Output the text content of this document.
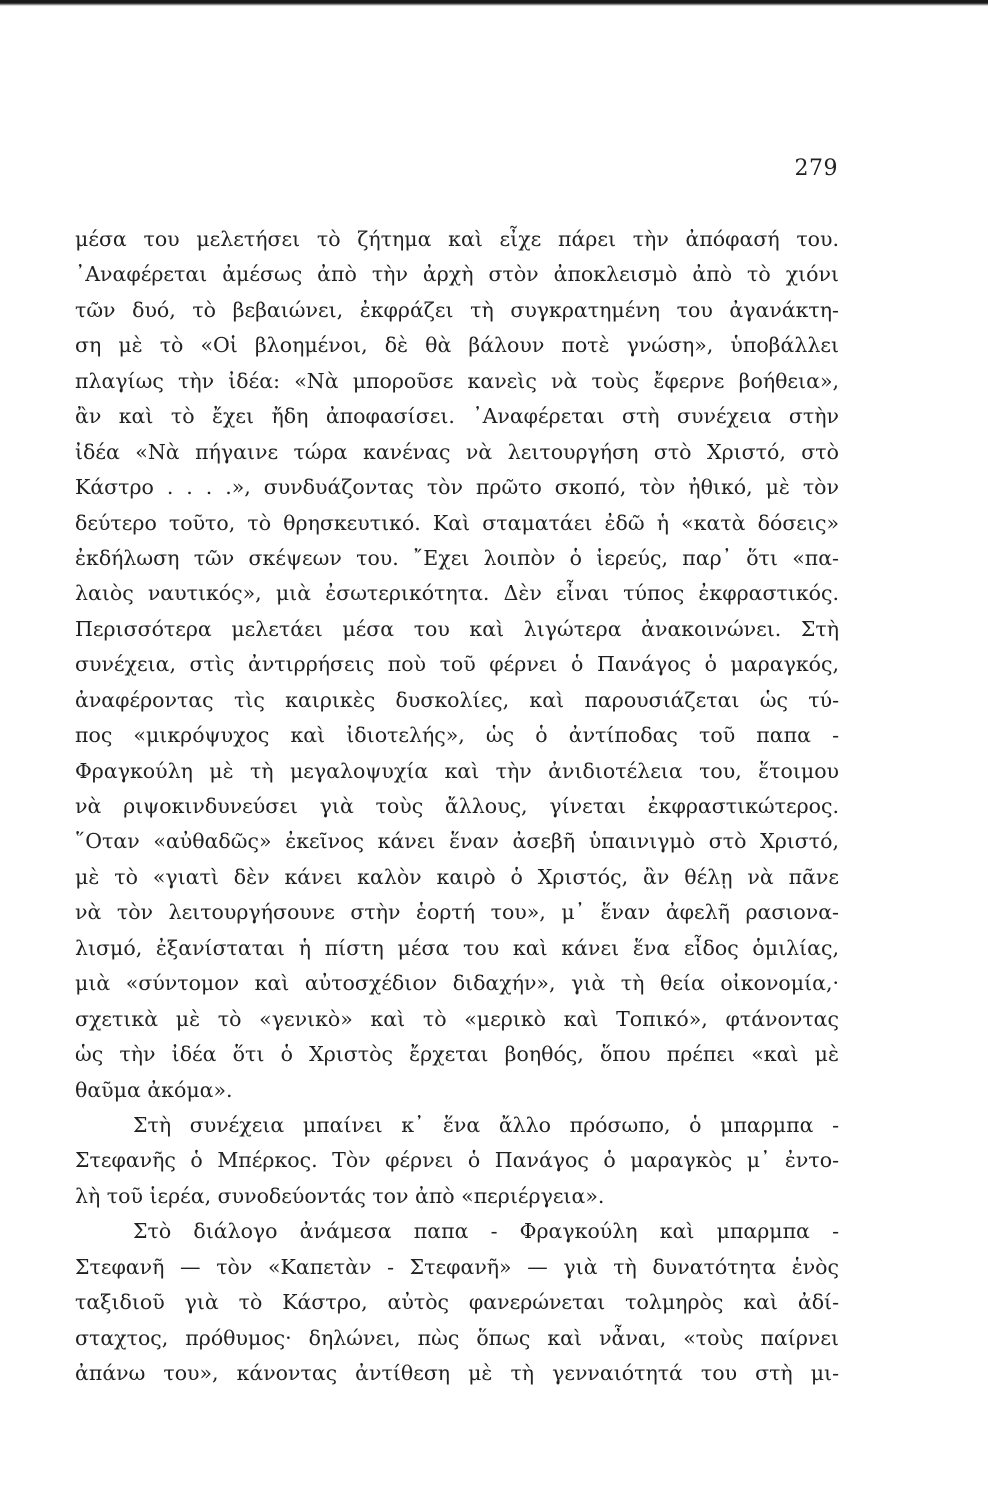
279
μέσα του μελετήσει τὸ ζήτημα καὶ εἶχε πάρει τὴν ἀπόφασή του.
᾿Αναφέρεται ἀμέσως ἀπὸ τὴν ἀρχὴ στὸν ἀποκλεισμὸ ἀπὸ τὸ χιόνι
τῶν δυό, τὸ βεβαιώνει, ἐκφράζει τὴ συγκρατημένη του ἀγανάκτη-
ση μὲ τὸ «Οἱ βλοημένοι, δὲ θὰ βάλουν ποτὲ γνώση», ὑποβάλλει
πλαγίως τὴν ἰδέα: «Νὰ μποροῦσε κανεὶς νὰ τοὺς ἔφερνε βοήθεια»,
ἂν καὶ τὸ ἔχει ἤδη ἀποφασίσει. ᾿Αναφέρεται στὴ συνέχεια στὴν
ἰδέα «Νὰ πήγαινε τώρα κανένας νὰ λειτουργήση στὸ Χριστό, στὸ
Κάστρο . . . .», συνδυάζοντας τὸν πρῶτο σκοπό, τὸν ἠθικό, μὲ τὸν
δεύτερο τοῦτο, τὸ θρησκευτικό. Καὶ σταματάει ἐδῶ ἡ «κατὰ δόσεις»
ἐκδήλωση τῶν σκέψεων του. ῎Εχει λοιπὸν ὁ ἱερεύς, παρ᾿ ὅτι «πα-
λαιὸς ναυτικός», μιὰ ἐσωτερικότητα. Δὲν εἶναι τύπος ἐκφραστικός.
Περισσότερα μελετάει μέσα του καὶ λιγώτερα ἀνακοινώνει. Στὴ
συνέχεια, στὶς ἀντιρρήσεις ποὺ τοῦ φέρνει ὁ Πανάγος ὁ μαραγκός,
ἀναφέροντας τὶς καιρικὲς δυσκολίες, καὶ παρουσιάζεται ὡς τύ-
πος «μικρόψυχος καὶ ἰδιοτελής», ὡς ὁ ἀντίποδας τοῦ παπα -
Φραγκούλη μὲ τὴ μεγαλοψυχία καὶ τὴν ἀνιδιοτέλεια του, ἕτοιμου
νὰ ριψοκινδυνεύσει γιὰ τοὺς ἄλλους, γίνεται ἐκφραστικώτερος.
῞Οταν «αὐθαδῶς» ἐκεῖνος κάνει ἕναν ἀσεβῆ ὑπαινιγμὸ στὸ Χριστό,
μὲ τὸ «γιατὶ δὲν κάνει καλὸν καιρὸ ὁ Χριστός, ἂν θέλῃ νὰ πᾶνε
νὰ τὸν λειτουργήσουνε στὴν ἑορτή του», μ᾿ ἕναν ἀφελῆ ρασιονα-
λισμό, ἐξανίσταται ἡ πίστη μέσα του καὶ κάνει ἕνα εἶδος ὁμιλίας,
μιὰ «σύντομον καὶ αὐτοσχέδιον διδαχήν», γιὰ τὴ θεία οἰκονομία,·
σχετικὰ μὲ τὸ «γενικὸ» καὶ τὸ «μερικὸ καὶ Τοπικό», φτάνοντας
ὡς τὴν ἰδέα ὅτι ὁ Χριστὸς ἔρχεται βοηθός, ὅπου πρέπει «καὶ μὲ
θαῦμα ἀκόμα».
Στὴ συνέχεια μπαίνει κ᾿ ἕνα ἄλλο πρόσωπο, ὁ μπαρμπα -
Στεφανῆς ὁ Μπέρκος. Τὸν φέρνει ὁ Πανάγος ὁ μαραγκὸς μ᾿ ἐντο-
λὴ τοῦ ἱερέα, συνοδεύοντάς τον ἀπὸ «περιέργεια».
Στὸ διάλογο ἀνάμεσα παπα - Φραγκούλη καὶ μπαρμπα -
Στεφανῆ — τὸν «Καπετὰν - Στεφανῆ» — γιὰ τὴ δυνατότητα ἑνὸς
ταξιδιοῦ γιὰ τὸ Κάστρο, αὐτὸς φανερώνεται τολμηρὸς καὶ ἀδί-
σταχτος, πρόθυμος· δηλώνει, πὼς ὅπως καὶ νἆναι, «τοὺς παίρνει
ἀπάνω του», κάνοντας ἀντίθεση μὲ τὴ γενναιότητά του στὴ μι-
